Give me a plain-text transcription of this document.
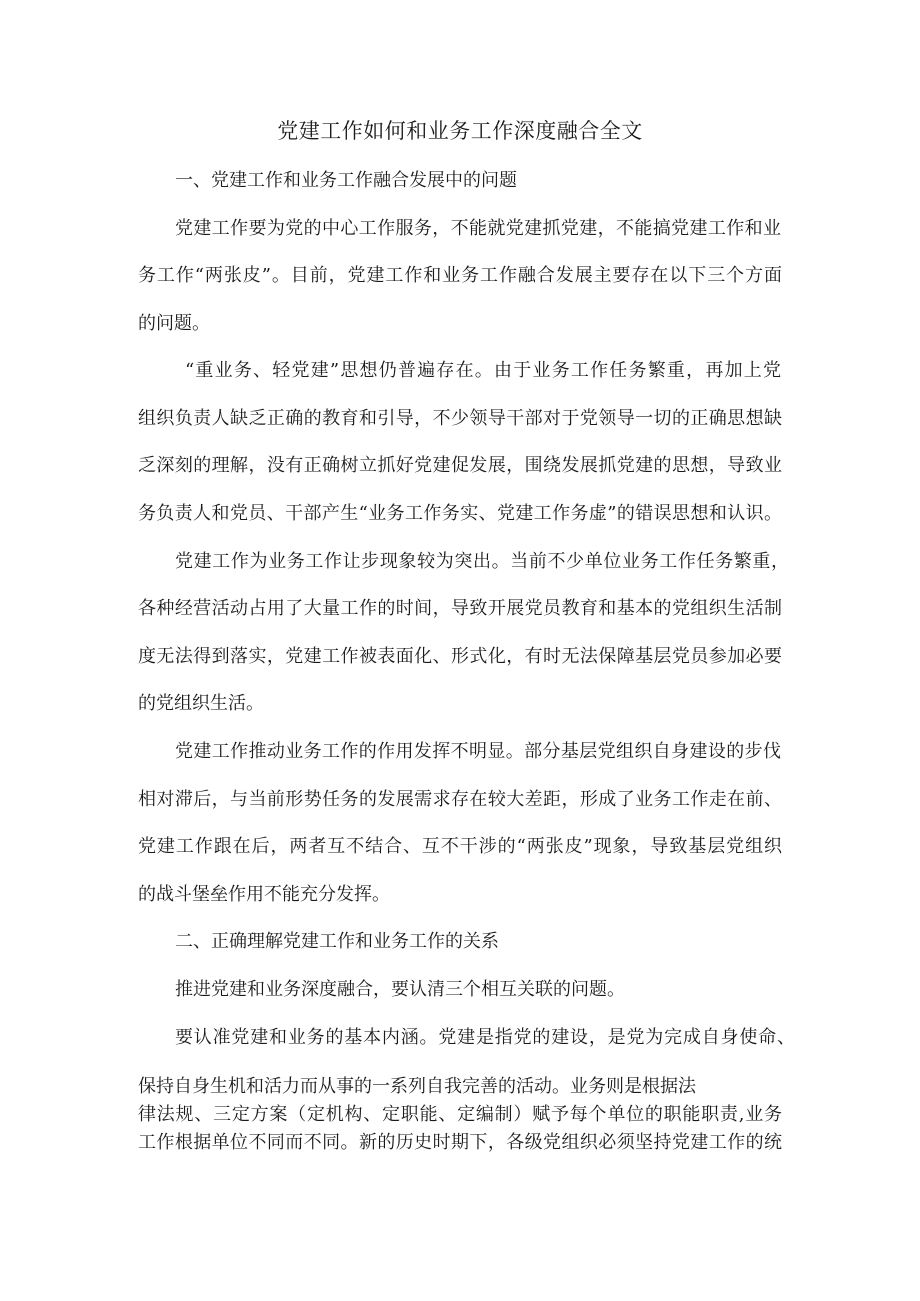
党建工作如何和业务工作深度融合全文
一、党建工作和业务工作融合发展中的问题
党建工作要为党的中心工作服务，不能就党建抓党建，不能搞党建工作和业
务工作“两张皮”。目前，党建工作和业务工作融合发展主要存在以下三个方面
的问题。
“重业务、轻党建”思想仍普遍存在。由于业务工作任务繁重，再加上党
组织负责人缺乏正确的教育和引导，不少领导干部对于党领导一切的正确思想缺
乏深刻的理解，没有正确树立抓好党建促发展，围绕发展抓党建的思想，导致业
务负责人和党员、干部产生“业务工作务实、党建工作务虚”的错误思想和认识。
党建工作为业务工作让步现象较为突出。当前不少单位业务工作任务繁重，
各种经营活动占用了大量工作的时间，导致开展党员教育和基本的党组织生活制
度无法得到落实，党建工作被表面化、形式化，有时无法保障基层党员参加必要
的党组织生活。
党建工作推动业务工作的作用发挥不明显。部分基层党组织自身建设的步伐
相对滞后，与当前形势任务的发展需求存在较大差距，形成了业务工作走在前、
党建工作跟在后，两者互不结合、互不干涉的“两张皮”现象，导致基层党组织
的战斗堡垒作用不能充分发挥。
二、正确理解党建工作和业务工作的关系
推进党建和业务深度融合，要认清三个相互关联的问题。
要认准党建和业务的基本内涵。党建是指党的建设，是党为完成自身使命、
保持自身生机和活力而从事的一系列自我完善的活动。业务则是根据法
律法规、三定方案（定机构、定职能、定编制）赋予每个单位的职能职责,业务
工作根据单位不同而不同。新的历史时期下，各级党组织必须坚持党建工作的统
